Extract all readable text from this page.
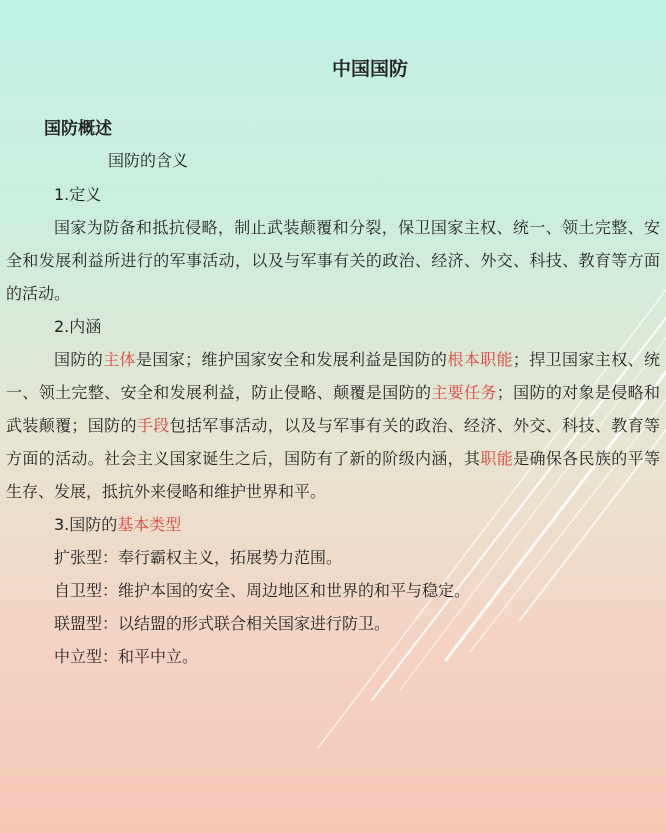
中国国防
国防概述
国防的含义
1.定义

国家为防备和抵抗侵略，制止武装颠覆和分裂，保卫国家主权、统一、领土完整、安全和发展利益所进行的军事活动，以及与军事有关的政治、经济、外交、科技、教育等方面的活动。

2.内涵

国防的主体是国家；维护国家安全和发展利益是国防的根本职能；捍卫国家主权、统一、领土完整、安全和发展利益，防止侵略、颠覆是国防的主要任务；国防的对象是侵略和武装颠覆；国防的手段包括军事活动，以及与军事有关的政治、经济、外交、科技、教育等方面的活动。社会主义国家诞生之后，国防有了新的阶级内涵，其职能是确保各民族的平等生存、发展，抵抗外来侵略和维护世界和平。

3.国防的基本类型
扩张型：奉行霸权主义，拓展势力范围。
自卫型：维护本国的安全、周边地区和世界的和平与稳定。
联盟型：以结盟的形式联合相关国家进行防卫。
中立型：和平中立。
